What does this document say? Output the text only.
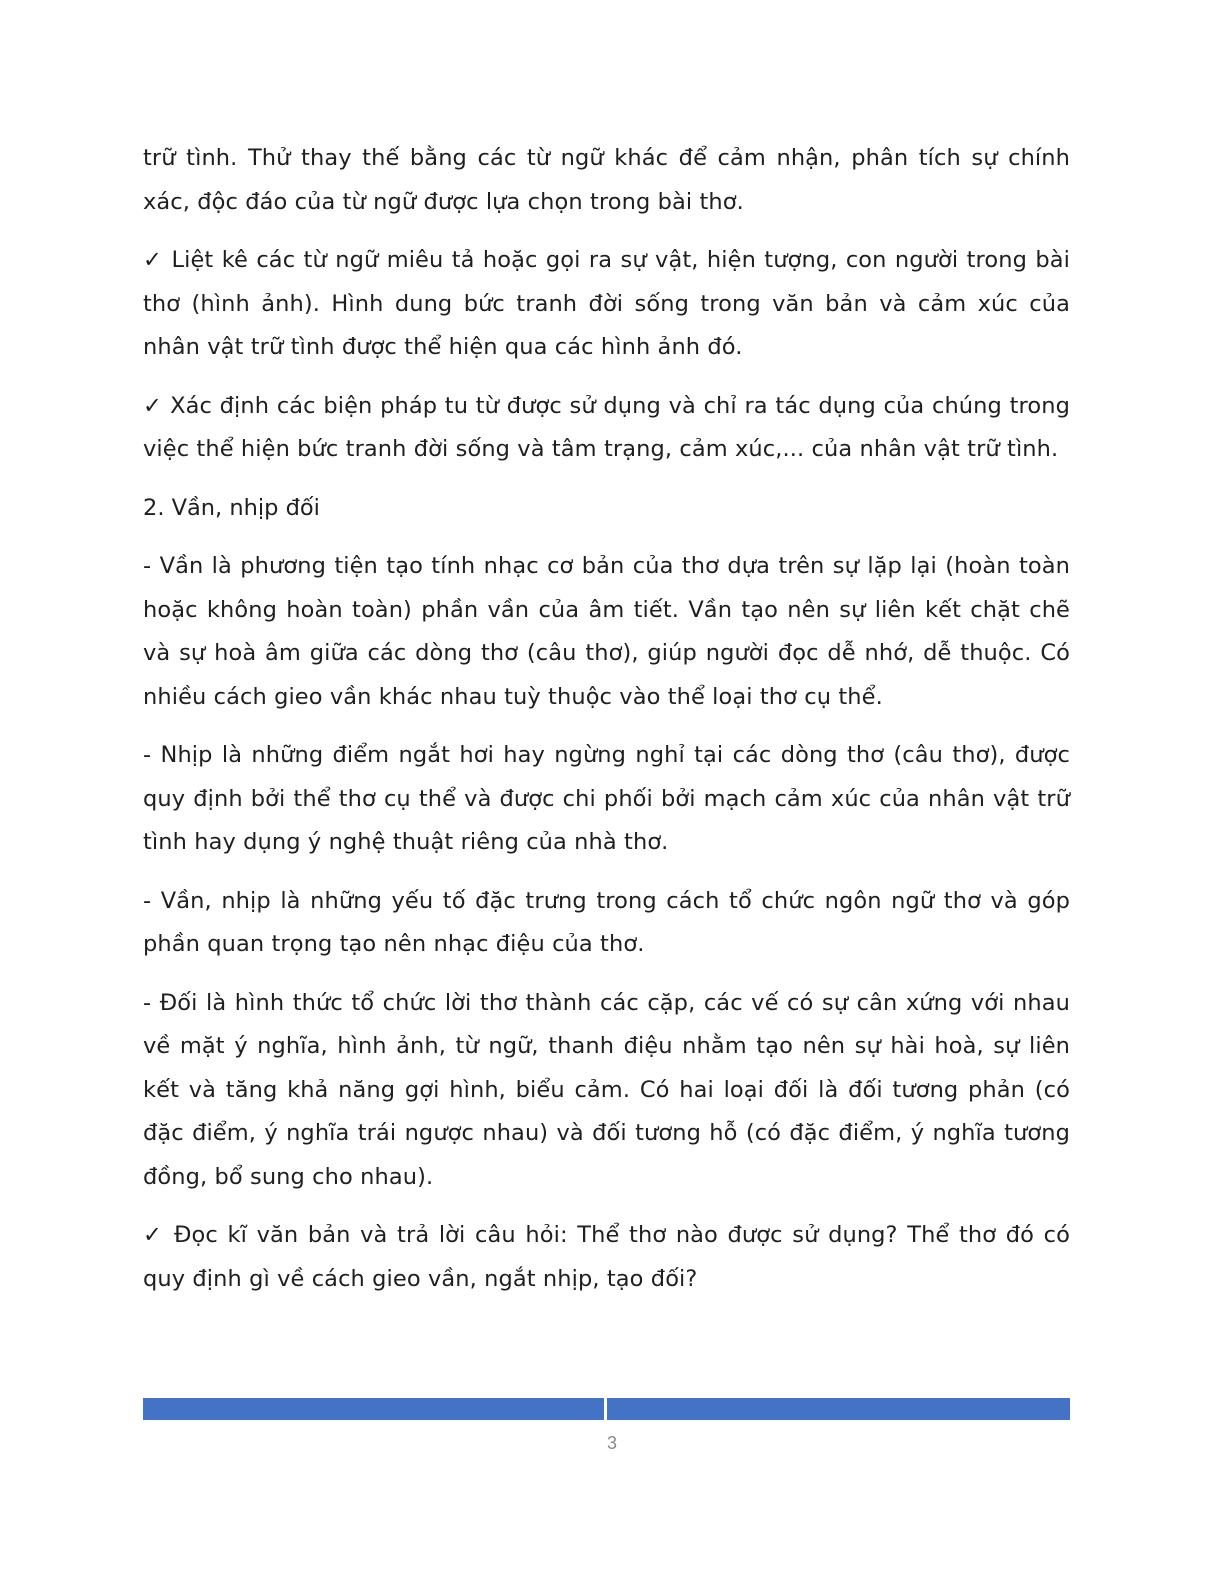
trữ tình. Thử thay thế bằng các từ ngữ khác để cảm nhận, phân tích sự chính xác, độc đáo của từ ngữ được lựa chọn trong bài thơ.

✓ Liệt kê các từ ngữ miêu tả hoặc gọi ra sự vật, hiện tượng, con người trong bài thơ (hình ảnh). Hình dung bức tranh đời sống trong văn bản và cảm xúc của nhân vật trữ tình được thể hiện qua các hình ảnh đó.

✓ Xác định các biện pháp tu từ được sử dụng và chỉ ra tác dụng của chúng trong việc thể hiện bức tranh đời sống và tâm trạng, cảm xúc,... của nhân vật trữ tình.

2. Vần, nhịp đối

- Vần là phương tiện tạo tính nhạc cơ bản của thơ dựa trên sự lặp lại (hoàn toàn hoặc không hoàn toàn) phần vần của âm tiết. Vần tạo nên sự liên kết chặt chẽ và sự hoà âm giữa các dòng thơ (câu thơ), giúp người đọc dễ nhớ, dễ thuộc. Có nhiều cách gieo vần khác nhau tuỳ thuộc vào thể loại thơ cụ thể.

- Nhịp là những điểm ngắt hơi hay ngừng nghỉ tại các dòng thơ (câu thơ), được quy định bởi thể thơ cụ thể và được chi phối bởi mạch cảm xúc của nhân vật trữ tình hay dụng ý nghệ thuật riêng của nhà thơ.

- Vần, nhịp là những yếu tố đặc trưng trong cách tổ chức ngôn ngữ thơ và góp phần quan trọng tạo nên nhạc điệu của thơ.

- Đối là hình thức tổ chức lời thơ thành các cặp, các vế có sự cân xứng với nhau về mặt ý nghĩa, hình ảnh, từ ngữ, thanh điệu nhằm tạo nên sự hài hoà, sự liên kết và tăng khả năng gợi hình, biểu cảm. Có hai loại đối là đối tương phản (có đặc điểm, ý nghĩa trái ngược nhau) và đối tương hỗ (có đặc điểm, ý nghĩa tương đồng, bổ sung cho nhau).

✓ Đọc kĩ văn bản và trả lời câu hỏi: Thể thơ nào được sử dụng? Thể thơ đó có quy định gì về cách gieo vần, ngắt nhịp, tạo đối?

3
